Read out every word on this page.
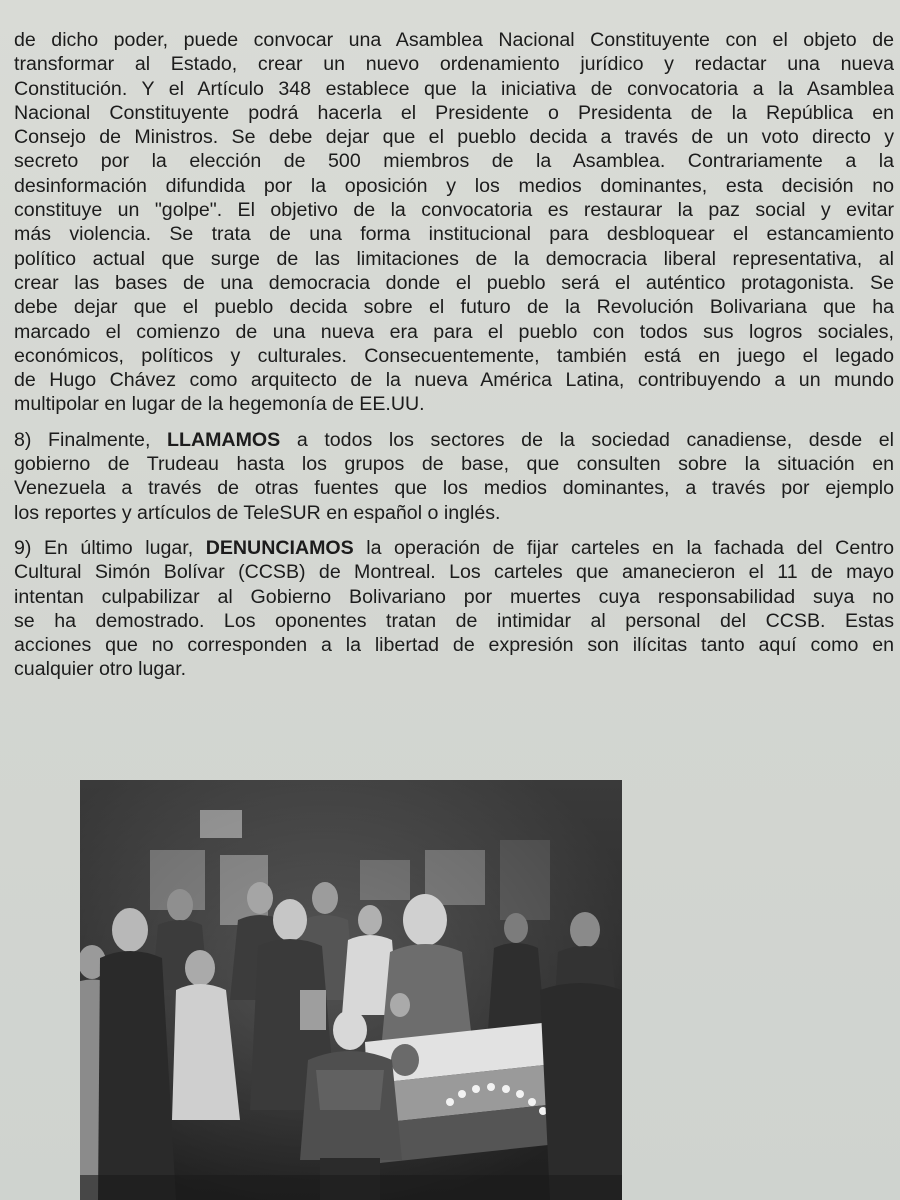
de dicho poder, puede convocar una Asamblea Nacional Constituyente con el objeto de
transformar al Estado, crear un nuevo ordenamiento jurídico y redactar una nueva
Constitución. Y el Artículo 348 establece que la iniciativa de convocatoria a la Asamblea
Nacional Constituyente podrá hacerla el Presidente o Presidenta de la República en
Consejo de Ministros. Se debe dejar que el pueblo decida a través de un voto directo y
secreto por la elección de 500 miembros de la Asamblea. Contrariamente a la
desinformación difundida por la oposición y los medios dominantes, esta decisión no
constituye un "golpe". El objetivo de la convocatoria es restaurar la paz social y evitar
más violencia. Se trata de una forma institucional para desbloquear el estancamiento
político actual que surge de las limitaciones de la democracia liberal representativa, al
crear las bases de una democracia donde el pueblo será el auténtico protagonista. Se
debe dejar que el pueblo decida sobre el futuro de la Revolución Bolivariana que ha
marcado el comienzo de una nueva era para el pueblo con todos sus logros sociales,
económicos, políticos y culturales. Consecuentemente, también está en juego el legado
de Hugo Chávez como arquitecto de la nueva América Latina, contribuyendo a un mundo
multipolar en lugar de la hegemonía de EE.UU.
8) Finalmente, LLAMAMOS a todos los sectores de la sociedad canadiense, desde el
gobierno de Trudeau hasta los grupos de base, que consulten sobre la situación en
Venezuela a través de otras fuentes que los medios dominantes, a través por ejemplo
los reportes y artículos de TeleSUR en español o inglés.
9) En último lugar, DENUNCIAMOS la operación de fijar carteles en la fachada del Centro
Cultural Simón Bolívar (CCSB) de Montreal. Los carteles que amanecieron el 11 de mayo
intentan culpabilizar al Gobierno Bolivariano por muertes cuya responsabilidad suya no
se ha demostrado. Los oponentes tratan de intimidar al personal del CCSB. Estas
acciones que no corresponden a la libertad de expresión son ilícitas tanto aquí como en
cualquier otro lugar.
